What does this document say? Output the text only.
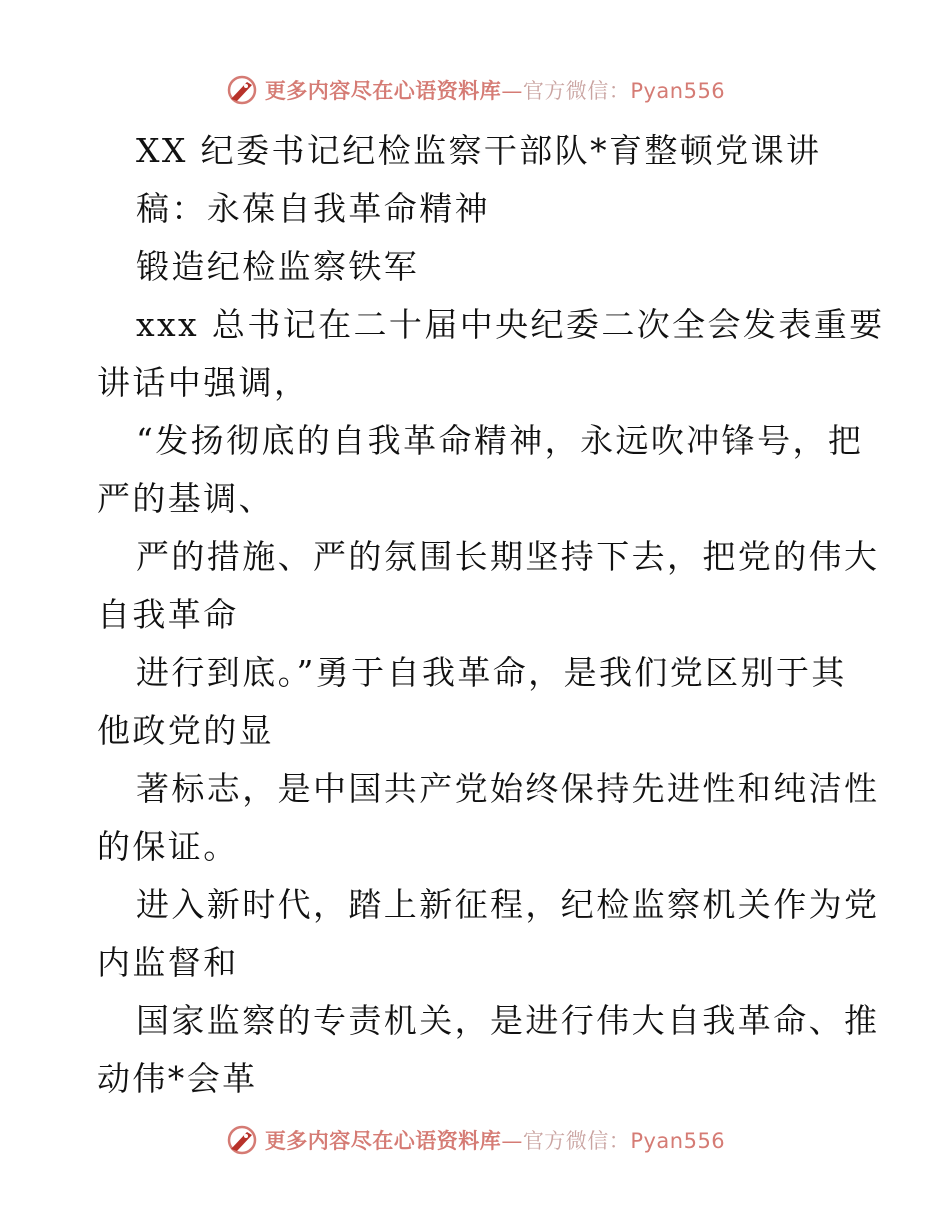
更多内容尽在心语资料库—官方微信：Pyan556
XX 纪委书记纪检监察干部队*育整顿党课讲
稿：永葆自我革命精神
锻造纪检监察铁军
xxx 总书记在二十届中央纪委二次全会发表重要
讲话中强调，
“发扬彻底的自我革命精神，永远吹冲锋号，把
严的基调、
严的措施、严的氛围长期坚持下去，把党的伟大
自我革命
进行到底。”勇于自我革命，是我们党区别于其
他政党的显
著标志，是中国共产党始终保持先进性和纯洁性
的保证。
进入新时代，踏上新征程，纪检监察机关作为党
内监督和
国家监察的专责机关，是进行伟大自我革命、推
动伟*会革
更多内容尽在心语资料库—官方微信：Pyan556
